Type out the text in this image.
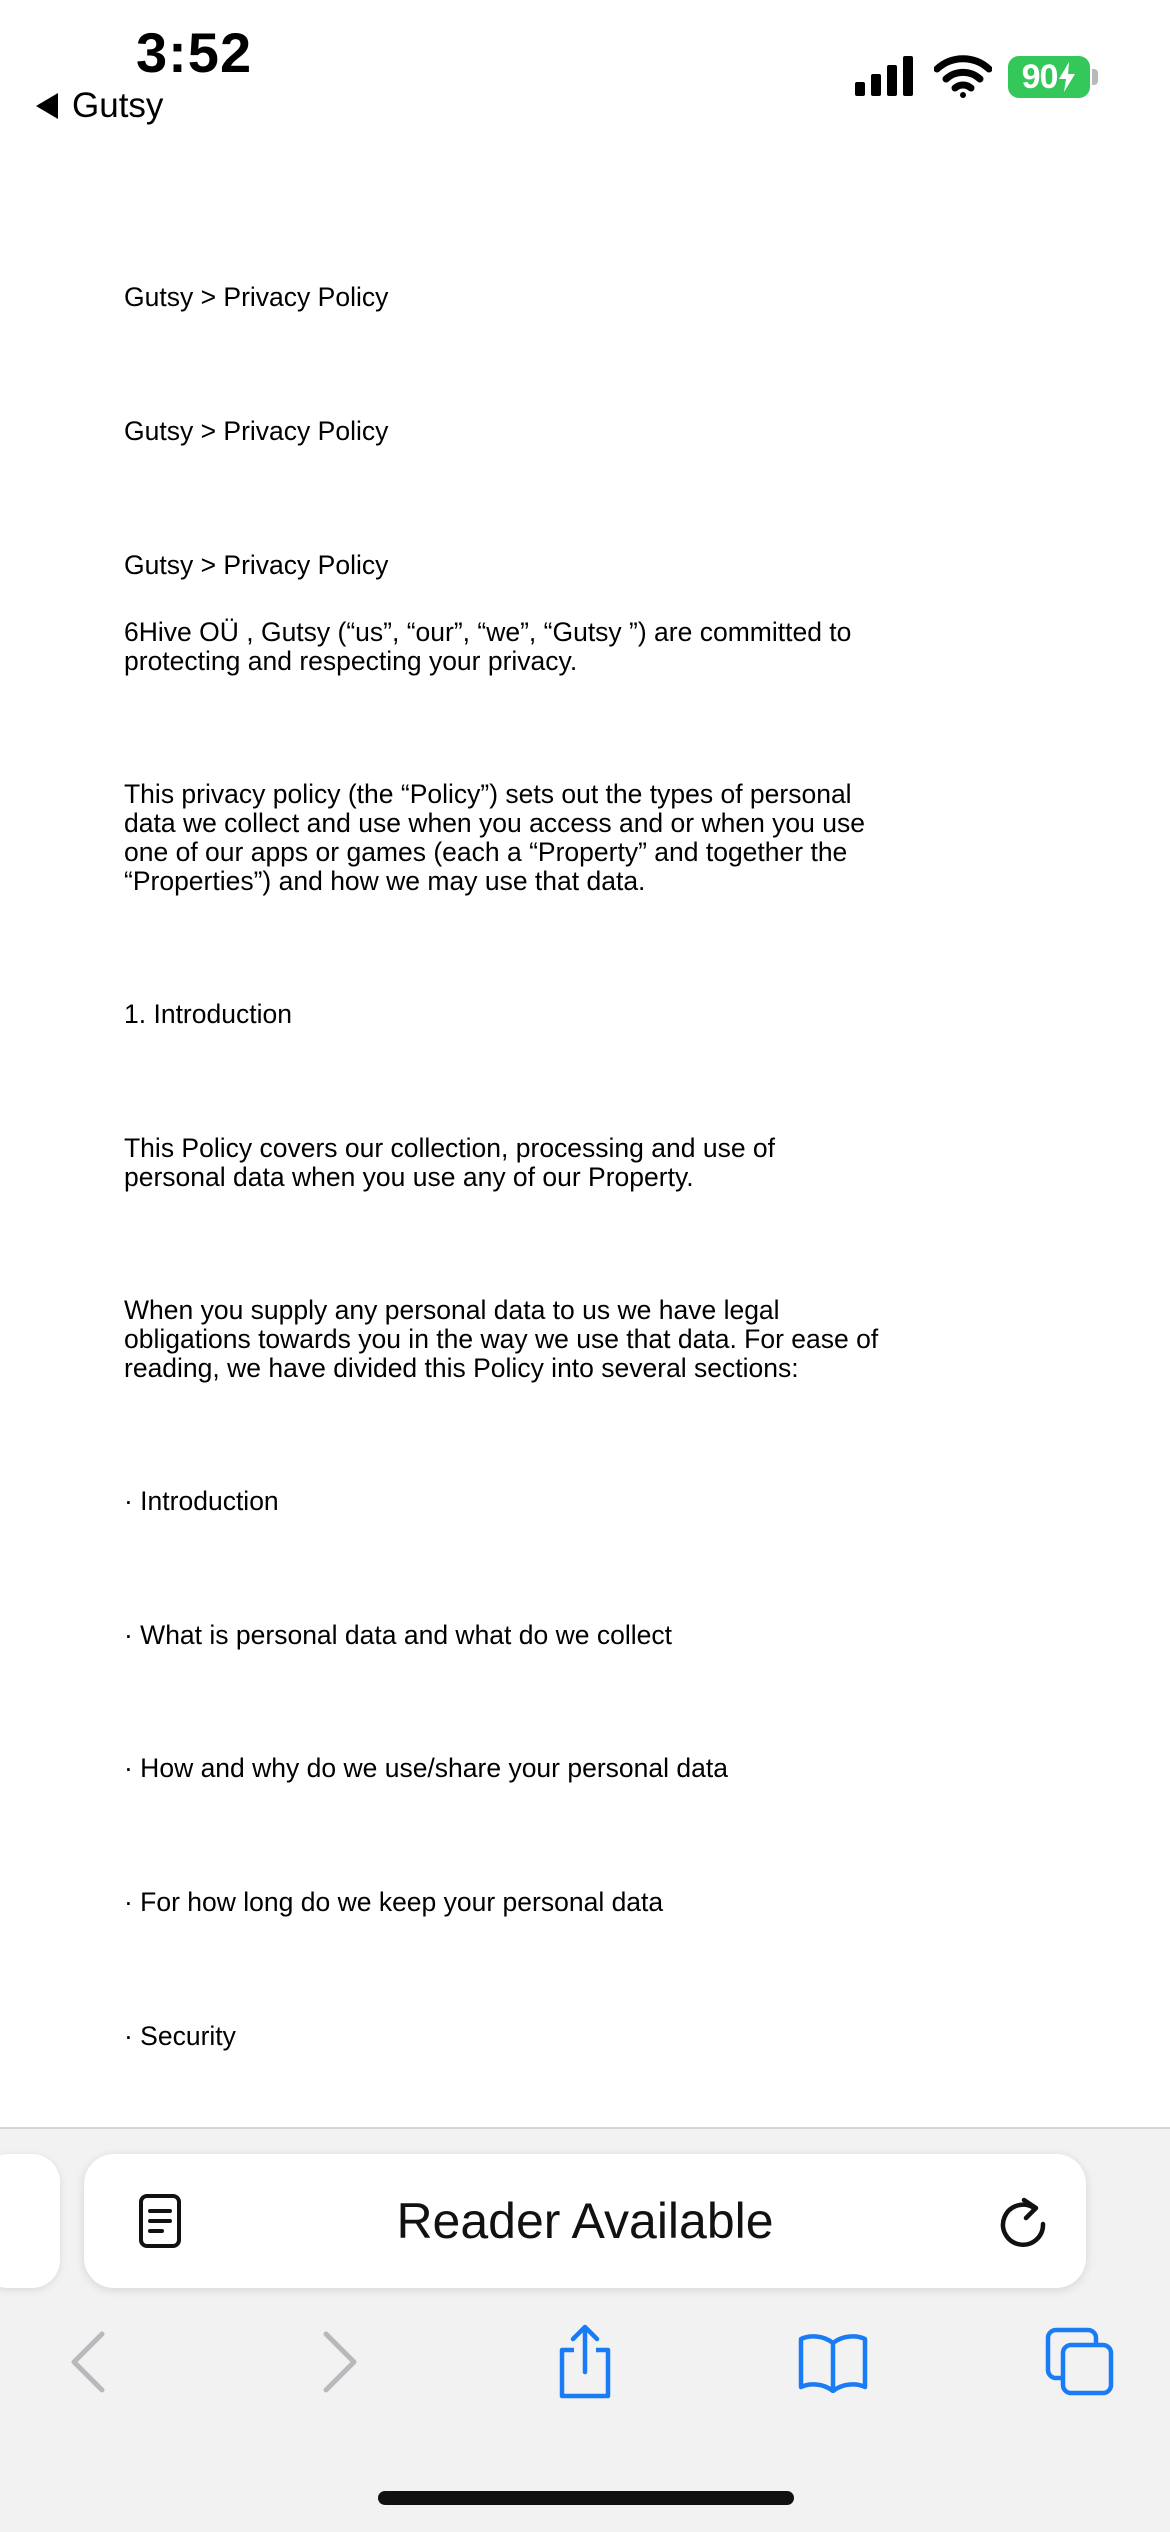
3:52
Gutsy
90

Gutsy > Privacy Policy

Gutsy > Privacy Policy

Gutsy > Privacy Policy

6Hive OÜ , Gutsy (“us”, “our”, “we”, “Gutsy ”) are committed to protecting and respecting your privacy.

This privacy policy (the “Policy”) sets out the types of personal data we collect and use when you access and or when you use one of our apps or games (each a “Property” and together the “Properties”) and how we may use that data.

1. Introduction

This Policy covers our collection, processing and use of personal data when you use any of our Property.

When you supply any personal data to us we have legal obligations towards you in the way we use that data. For ease of reading, we have divided this Policy into several sections:

· Introduction

· What is personal data and what do we collect

· How and why do we use/share your personal data

· For how long do we keep your personal data

· Security

Reader Available
